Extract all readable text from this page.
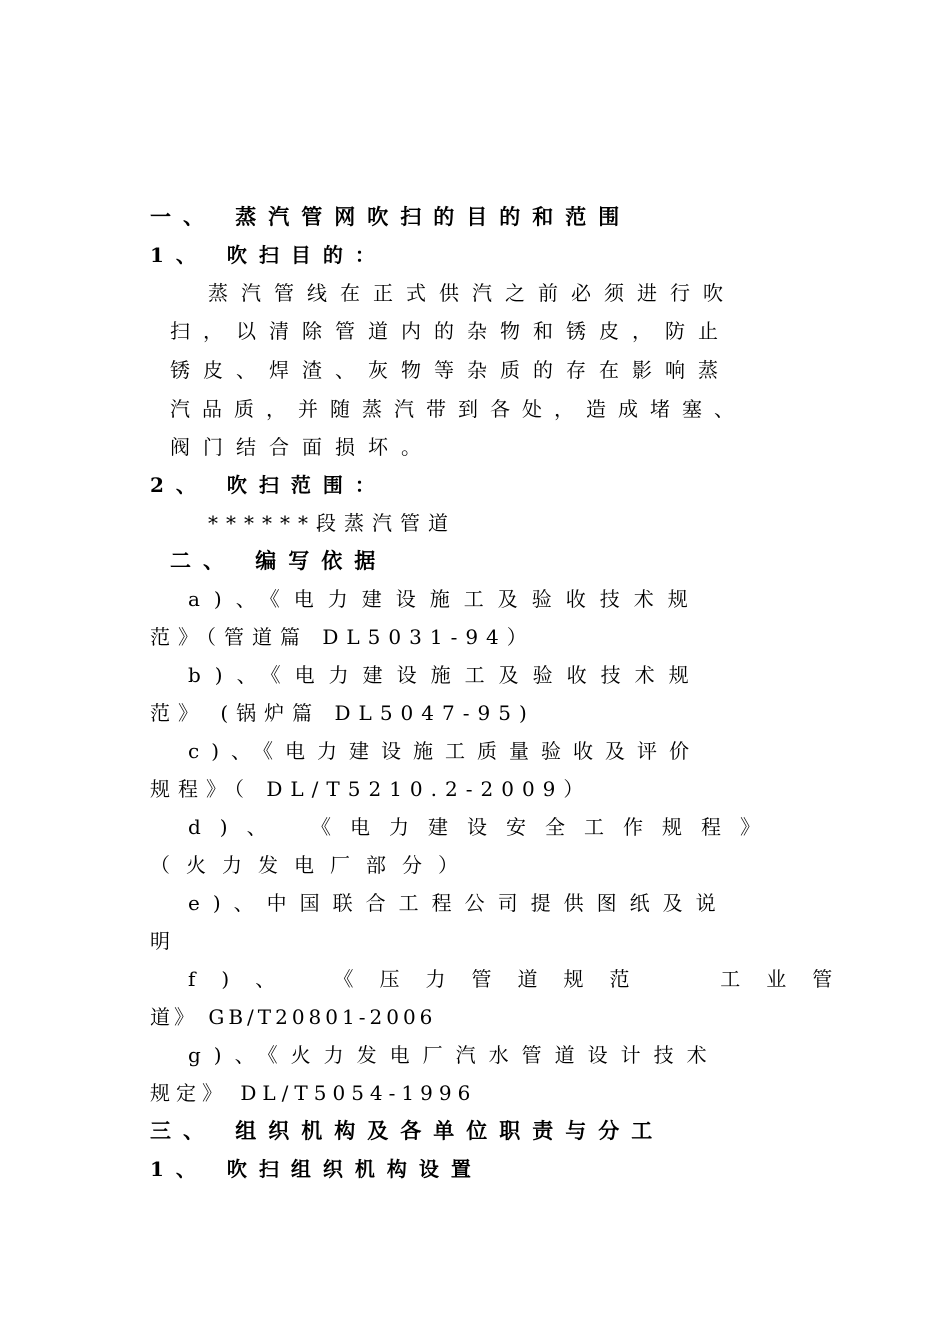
一、 蒸汽管网吹扫的目的和范围
1、 吹扫目的：
蒸汽管线在正式供汽之前必须进行吹
扫，以清除管道内的杂物和锈皮，防止
锈皮、焊渣、灰物等杂质的存在影响蒸
汽品质，并随蒸汽带到各处，造成堵塞、
阀门结合面损坏。
2、 吹扫范围：
******段蒸汽管道
二、 编写依据
a)、《电力建设施工及验收技术规
范》（管道篇 DL5031-94）
b)、《电力建设施工及验收技术规
范》 (锅炉篇 DL5047-95)
c)、《电力建设施工质量验收及评价
规程》（ DL/T5210.2-2009）
d)、 《电力建设安全工作规程》
（火力发电厂部分）
e)、中国联合工程公司提供图纸及说
明
f)、 《压力管道规范  工业管
道》 GB/T20801-2006
g)、《火力发电厂汽水管道设计技术
规定》 DL/T5054-1996
三、 组织机构及各单位职责与分工
1、 吹扫组织机构设置
